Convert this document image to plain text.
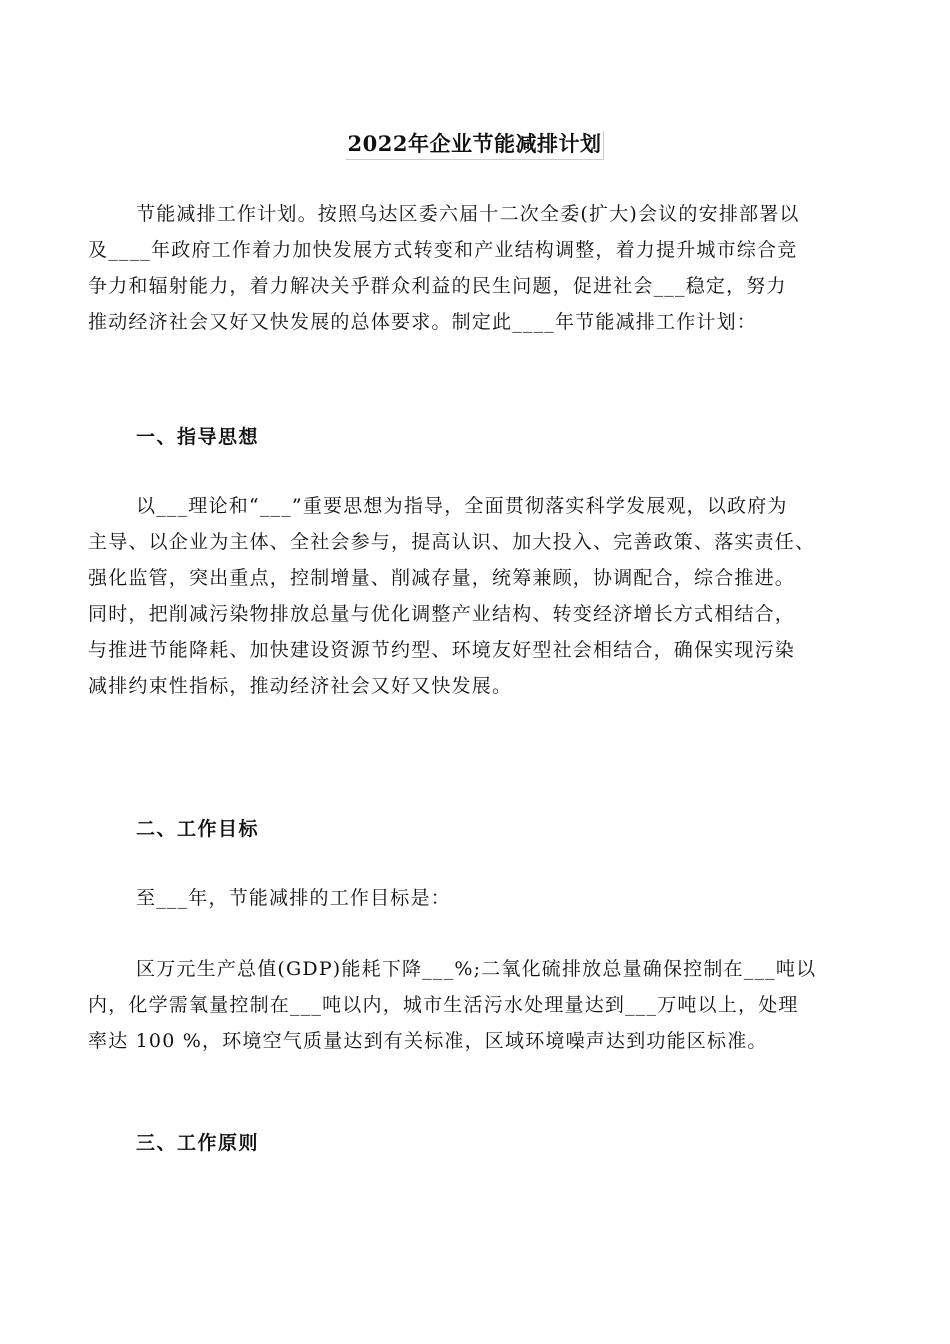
2022年企业节能减排计划

节能减排工作计划。按照乌达区委六届十二次全委(扩大)会议的安排部署以
及____年政府工作着力加快发展方式转变和产业结构调整，着力提升城市综合竞
争力和辐射能力，着力解决关乎群众利益的民生问题，促进社会___稳定，努力
推动经济社会又好又快发展的总体要求。制定此____年节能减排工作计划：

一、指导思想

以___理论和“___”重要思想为指导，全面贯彻落实科学发展观，以政府为
主导、以企业为主体、全社会参与，提高认识、加大投入、完善政策、落实责任、
强化监管，突出重点，控制增量、削减存量，统筹兼顾，协调配合，综合推进。
同时，把削减污染物排放总量与优化调整产业结构、转变经济增长方式相结合，
与推进节能降耗、加快建设资源节约型、环境友好型社会相结合，确保实现污染
减排约束性指标，推动经济社会又好又快发展。

二、工作目标

至___年，节能减排的工作目标是：

区万元生产总值(GDP)能耗下降___%;二氧化硫排放总量确保控制在___吨以
内，化学需氧量控制在___吨以内，城市生活污水处理量达到___万吨以上，处理
率达 100 %，环境空气质量达到有关标准，区域环境噪声达到功能区标准。

三、工作原则
